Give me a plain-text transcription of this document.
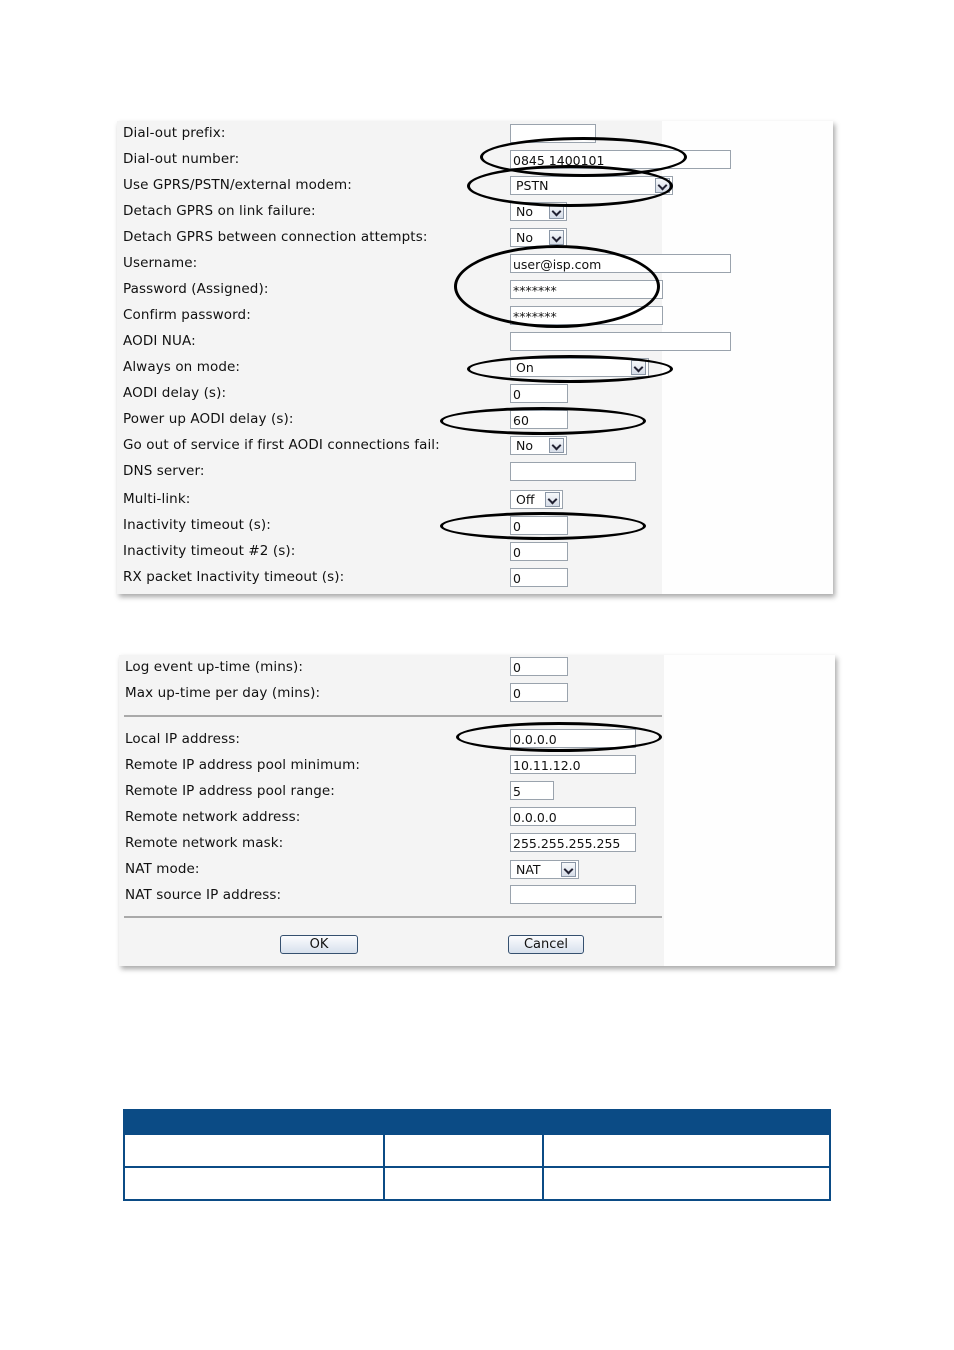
Dial-out prefix:
Dial-out number:	0845 1400101
Use GPRS/PSTN/external modem:	PSTN
Detach GPRS on link failure:	No
Detach GPRS between connection attempts:	No
Username:	user@isp.com
Password (Assigned):	*******
Confirm password:	*******
AODI NUA:
Always on mode:	On
AODI delay (s):	0
Power up AODI delay (s):	60
Go out of service if first AODI connections fail:	No
DNS server:
Multi-link:	Off
Inactivity timeout (s):	0
Inactivity timeout #2 (s):	0
RX packet Inactivity timeout (s):	0
Log event up-time (mins):	0
Max up-time per day (mins):	0
Local IP address:	0.0.0.0
Remote IP address pool minimum:	10.11.12.0
Remote IP address pool range:	5
Remote network address:	0.0.0.0
Remote network mask:	255.255.255.255
NAT mode:	NAT
NAT source IP address:
OK	Cancel
